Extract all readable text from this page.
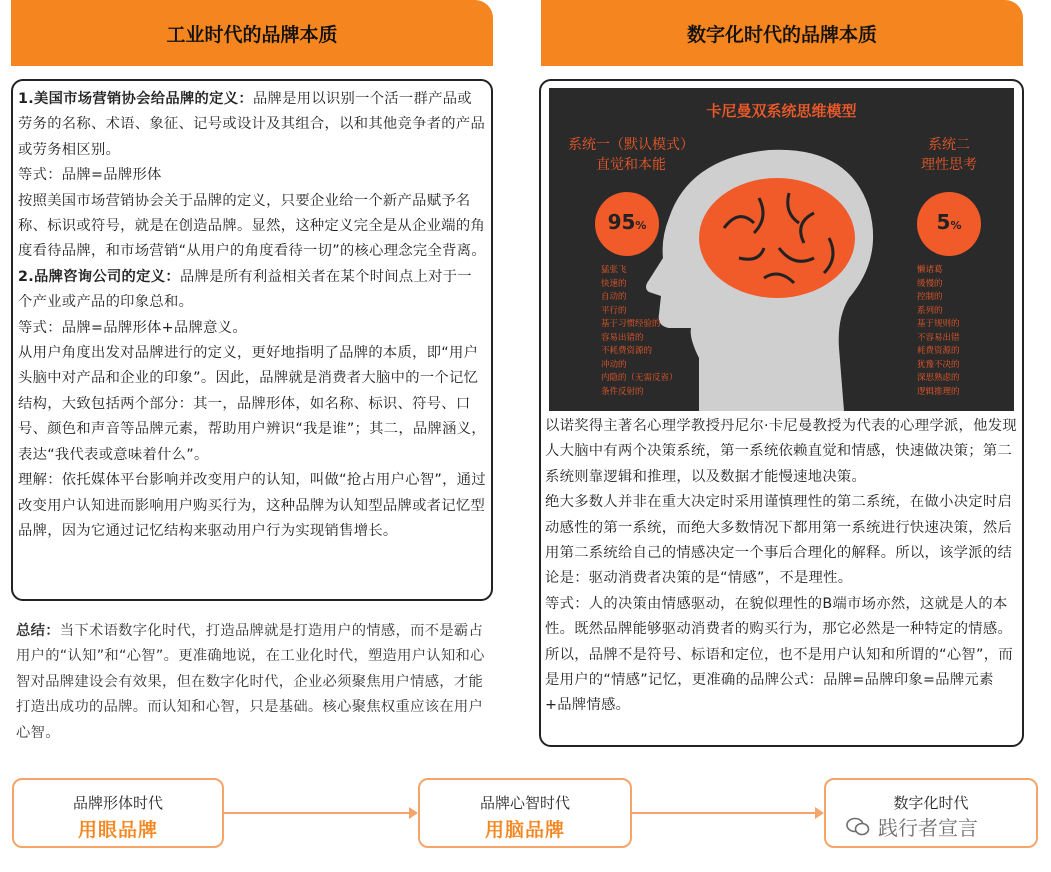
工业时代的品牌本质	数字化时代的品牌本质

1.美国市场营销协会给品牌的定义：品牌是用以识别一个活一群产品或劳务的名称、术语、象征、记号或设计及其组合，以和其他竞争者的产品或劳务相区别。

等式：品牌=品牌形体

按照美国市场营销协会关于品牌的定义，只要企业给一个新产品赋予名称、标识或符号，就是在创造品牌。显然，这种定义完全是从企业端的角度看待品牌，和市场营销“从用户的角度看待一切”的核心理念完全背离。

2.品牌咨询公司的定义：品牌是所有利益相关者在某个时间点上对于一个产业或产品的印象总和。

等式：品牌=品牌形体+品牌意义。

从用户角度出发对品牌进行的定义，更好地指明了品牌的本质，即“用户头脑中对产品和企业的印象”。因此，品牌就是消费者大脑中的一个记忆结构，大致包括两个部分：其一，品牌形体，如名称、标识、符号、口号、颜色和声音等品牌元素，帮助用户辨识“我是谁”；其二，品牌涵义，表达“我代表或意味着什么”。

理解：依托媒体平台影响并改变用户的认知，叫做“抢占用户心智”，通过改变用户认知进而影响用户购买行为，这种品牌为认知型品牌或者记忆型品牌，因为它通过记忆结构来驱动用户行为实现销售增长。

总结：当下术语数字化时代，打造品牌就是打造用户的情感，而不是霸占用户的“认知”和“心智”。更准确地说，在工业化时代，塑造用户认知和心智对品牌建设会有效果，但在数字化时代，企业必须聚焦用户情感，才能打造出成功的品牌。而认知和心智，只是基础。核心聚焦权重应该在用户心智。

卡尼曼双系统思维模型
系统一（默认模式）
直觉和本能
系统二
理性思考
95%	5%
猛张飞
快速的
自动的
平行的
基于习惯经验的
容易出错的
不耗费资源的
冲动的
内隐的（无需反省）
条件反射的
懒诸葛
缓慢的
控制的
系列的
基于规则的
不容易出错
耗费资源的
犹豫不决的
深思熟虑的
逻辑推理的

以诺奖得主著名心理学教授丹尼尔·卡尼曼教授为代表的心理学派，他发现人大脑中有两个决策系统，第一系统依赖直觉和情感，快速做决策；第二系统则靠逻辑和推理，以及数据才能慢速地决策。

绝大多数人并非在重大决定时采用谨慎理性的第二系统，在做小决定时启动感性的第一系统，而绝大多数情况下都用第一系统进行快速决策，然后用第二系统给自己的情感决定一个事后合理化的解释。所以，该学派的结论是：驱动消费者决策的是“情感”，不是理性。

等式：人的决策由情感驱动，在貌似理性的B端市场亦然，这就是人的本性。既然品牌能够驱动消费者的购买行为，那它必然是一种特定的情感。所以，品牌不是符号、标语和定位，也不是用户认知和所谓的“心智”，而是用户的“情感”记忆，更准确的品牌公式：品牌=品牌印象=品牌元素+品牌情感。

品牌形体时代
用眼品牌
品牌心智时代
用脑品牌
数字化时代
践行者宣言
